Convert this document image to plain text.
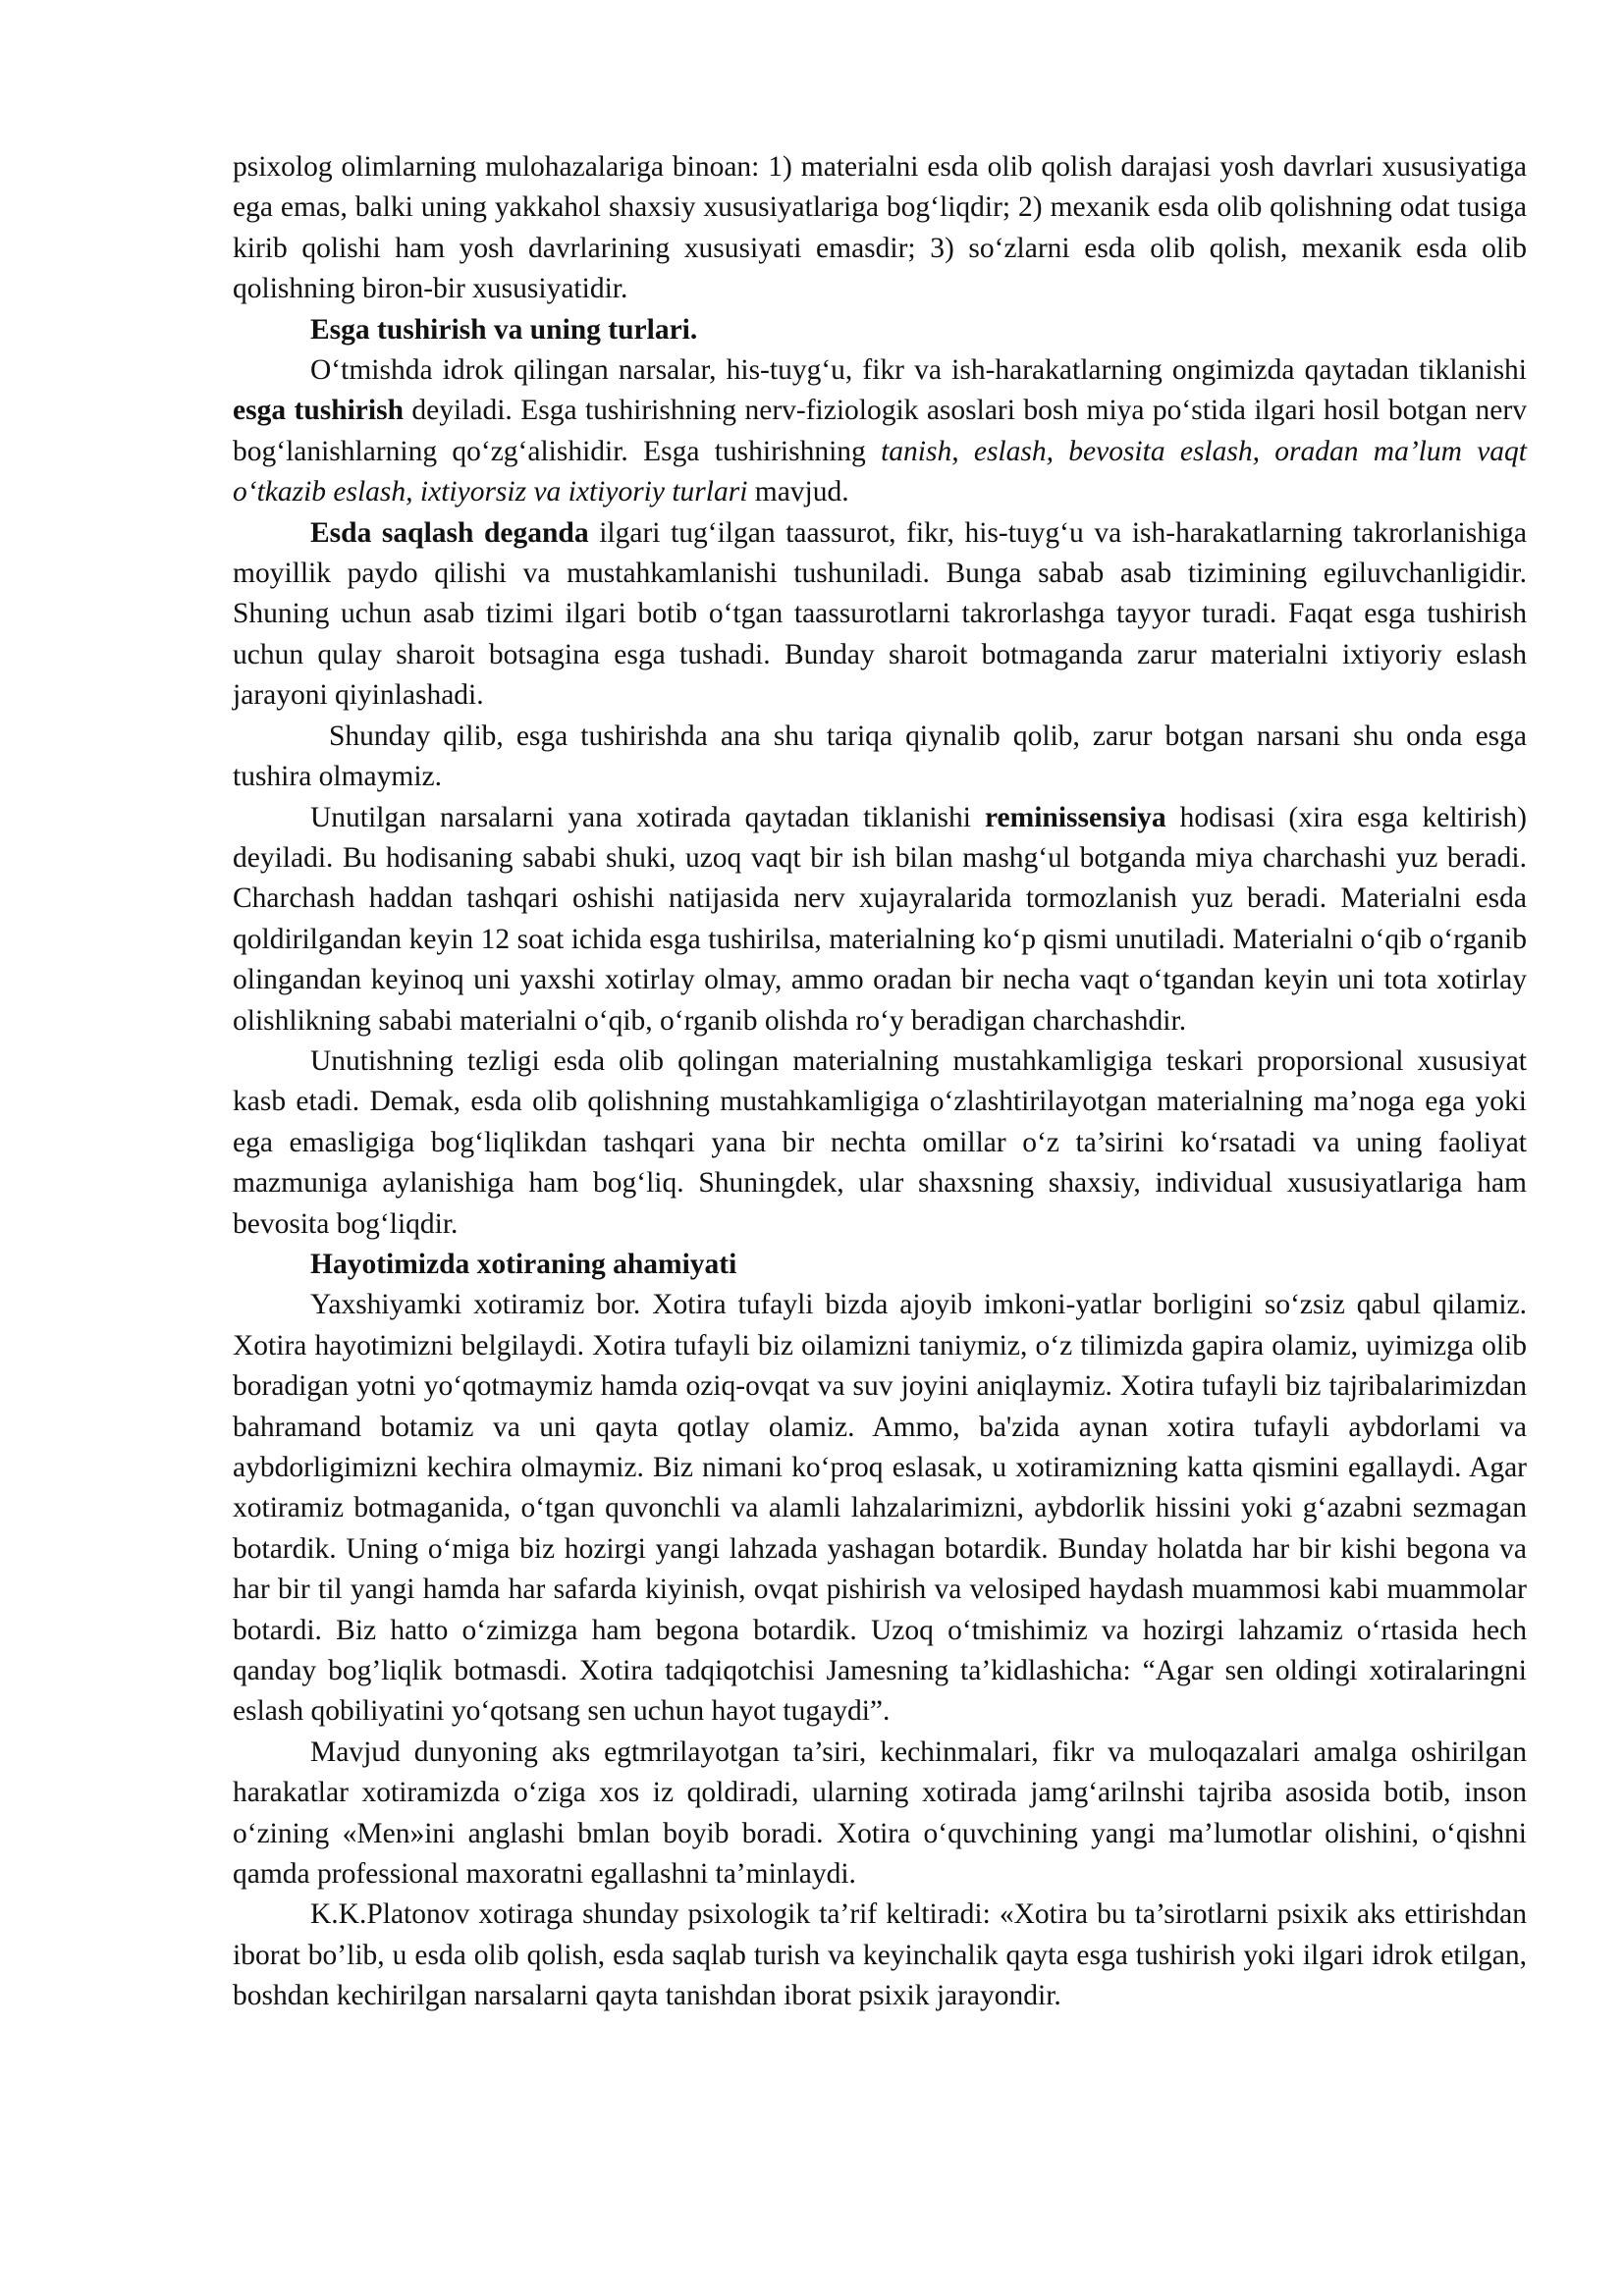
psixolog olimlarning mulohazalariga binoan: 1) materialni esda olib qolish darajasi yosh davrlari xususiyatiga ega emas, balki uning yakkahol shaxsiy xususiyatlariga bog‘liqdir; 2) mexanik esda olib qolishning odat tusiga kirib qolishi ham yosh davrlarining xususiyati emasdir; 3) so‘zlarni esda olib qolish, mexanik esda olib qolishning biron-bir xususiyatidir.

Esga tushirish va uning turlari.

O‘tmishda idrok qilingan narsalar, his-tuyg‘u, fikr va ish-harakatlarning ongimizda qaytadan tiklanishi esga tushirish deyiladi. Esga tushirishning nerv-fiziologik asoslari bosh miya po‘stida ilgari hosil botgan nerv bog‘lanishlarning qo‘zg‘alishidir. Esga tushirishning tanish, eslash, bevosita eslash, oradan ma’lum vaqt o‘tkazib eslash, ixtiyorsiz va ixtiyoriy turlari mavjud.

Esda saqlash deganda ilgari tug‘ilgan taassurot, fikr, his-tuyg‘u va ish-harakatlarning takrorlanishiga moyillik paydo qilishi va mustahkamlanishi tushuniladi. Bunga sabab asab tizimining egiluvchanligidir. Shuning uchun asab tizimi ilgari botib o‘tgan taassurotlarni takrorlashga tayyor turadi. Faqat esga tushirish uchun qulay sharoit botsagina esga tushadi. Bunday sharoit botmaganda zarur materialni ixtiyoriy eslash jarayoni qiyinlashadi.

Shunday qilib, esga tushirishda ana shu tariqa qiynalib qolib, zarur botgan narsani shu onda esga tushira olmaymiz.

Unutilgan narsalarni yana xotirada qaytadan tiklanishi reminissensiya hodisasi (xira esga keltirish) deyiladi. Bu hodisaning sababi shuki, uzoq vaqt bir ish bilan mashg‘ul botganda miya charchashi yuz beradi. Charchash haddan tashqari oshishi natijasida nerv xujayralarida tormozlanish yuz beradi. Materialni esda qoldirilgandan keyin 12 soat ichida esga tushirilsa, materialning ko‘p qismi unutiladi. Materialni o‘qib o‘rganib olingandan keyinoq uni yaxshi xotirlay olmay, ammo oradan bir necha vaqt o‘tgandan keyin uni tota xotirlay olishlikning sababi materialni o‘qib, o‘rganib olishda ro‘y beradigan charchashdir.

Unutishning tezligi esda olib qolingan materialning mustahkamligiga teskari proporsional xususiyat kasb etadi. Demak, esda olib qolishning mustahkamligiga o‘zlashtirilayotgan materialning ma’noga ega yoki ega emasligiga bog‘liqlikdan tashqari yana bir nechta omillar o‘z ta’sirini ko‘rsatadi va uning faoliyat mazmuniga aylanishiga ham bog‘liq. Shuningdek, ular shaxsning shaxsiy, individual xususiyatlariga ham bevosita bog‘liqdir.

Hayotimizda xotiraning ahamiyati

Yaxshiyamki xotiramiz bor. Xotira tufayli bizda ajoyib imkoni-yatlar borligini so‘zsiz qabul qilamiz. Xotira hayotimizni belgilaydi. Xotira tufayli biz oilamizni taniymiz, o‘z tilimizda gapira olamiz, uyimizga olib boradigan yotni yo‘qotmaymiz hamda oziq-ovqat va suv joyini aniqlaymiz. Xotira tufayli biz tajribalarimizdan bahramand botamiz va uni qayta qotlay olamiz. Ammo, ba'zida aynan xotira tufayli aybdorlami va aybdorligimizni kechira olmaymiz. Biz nimani ko‘proq eslasak, u xotiramizning katta qismini egallaydi. Agar xotiramiz botmaganida, o‘tgan quvonchli va alamli lahzalarimizni, aybdorlik hissini yoki g‘azabni sezmagan botardik. Uning o‘miga biz hozirgi yangi lahzada yashagan botardik. Bunday holatda har bir kishi begona va har bir til yangi hamda har safarda kiyinish, ovqat pishirish va velosiped haydash muammosi kabi muammolar botardi. Biz hatto o‘zimizga ham begona botardik. Uzoq o‘tmishimiz va hozirgi lahzamiz o‘rtasida hech qanday bog’liqlik botmasdi. Xotira tadqiqotchisi Jamesning ta’kidlashicha: “Agar sen oldingi xotiralaringni eslash qobiliyatini yo‘qotsang sen uchun hayot tugaydi”.

Mavjud dunyoning aks egtmrilayotgan ta’siri, kechinmalari, fikr va muloqazalari amalga oshirilgan harakatlar xotiramizda o‘ziga xos iz qoldiradi, ularning xotirada jamg‘arilnshi tajriba asosida botib, inson o‘zining «Men»ini anglashi bmlan boyib boradi. Xotira o‘quvchining yangi ma’lumotlar olishini, o‘qishni qamda professional maxoratni egallashni ta’minlaydi.

K.K.Platonov xotiraga shunday psixologik ta’rif keltiradi: «Xotira bu ta’sirotlarni psixik aks ettirishdan iborat bo’lib, u esda olib qolish, esda saqlab turish va keyinchalik qayta esga tushirish yoki ilgari idrok etilgan, boshdan kechirilgan narsalarni qayta tanishdan iborat psixik jarayondir.
